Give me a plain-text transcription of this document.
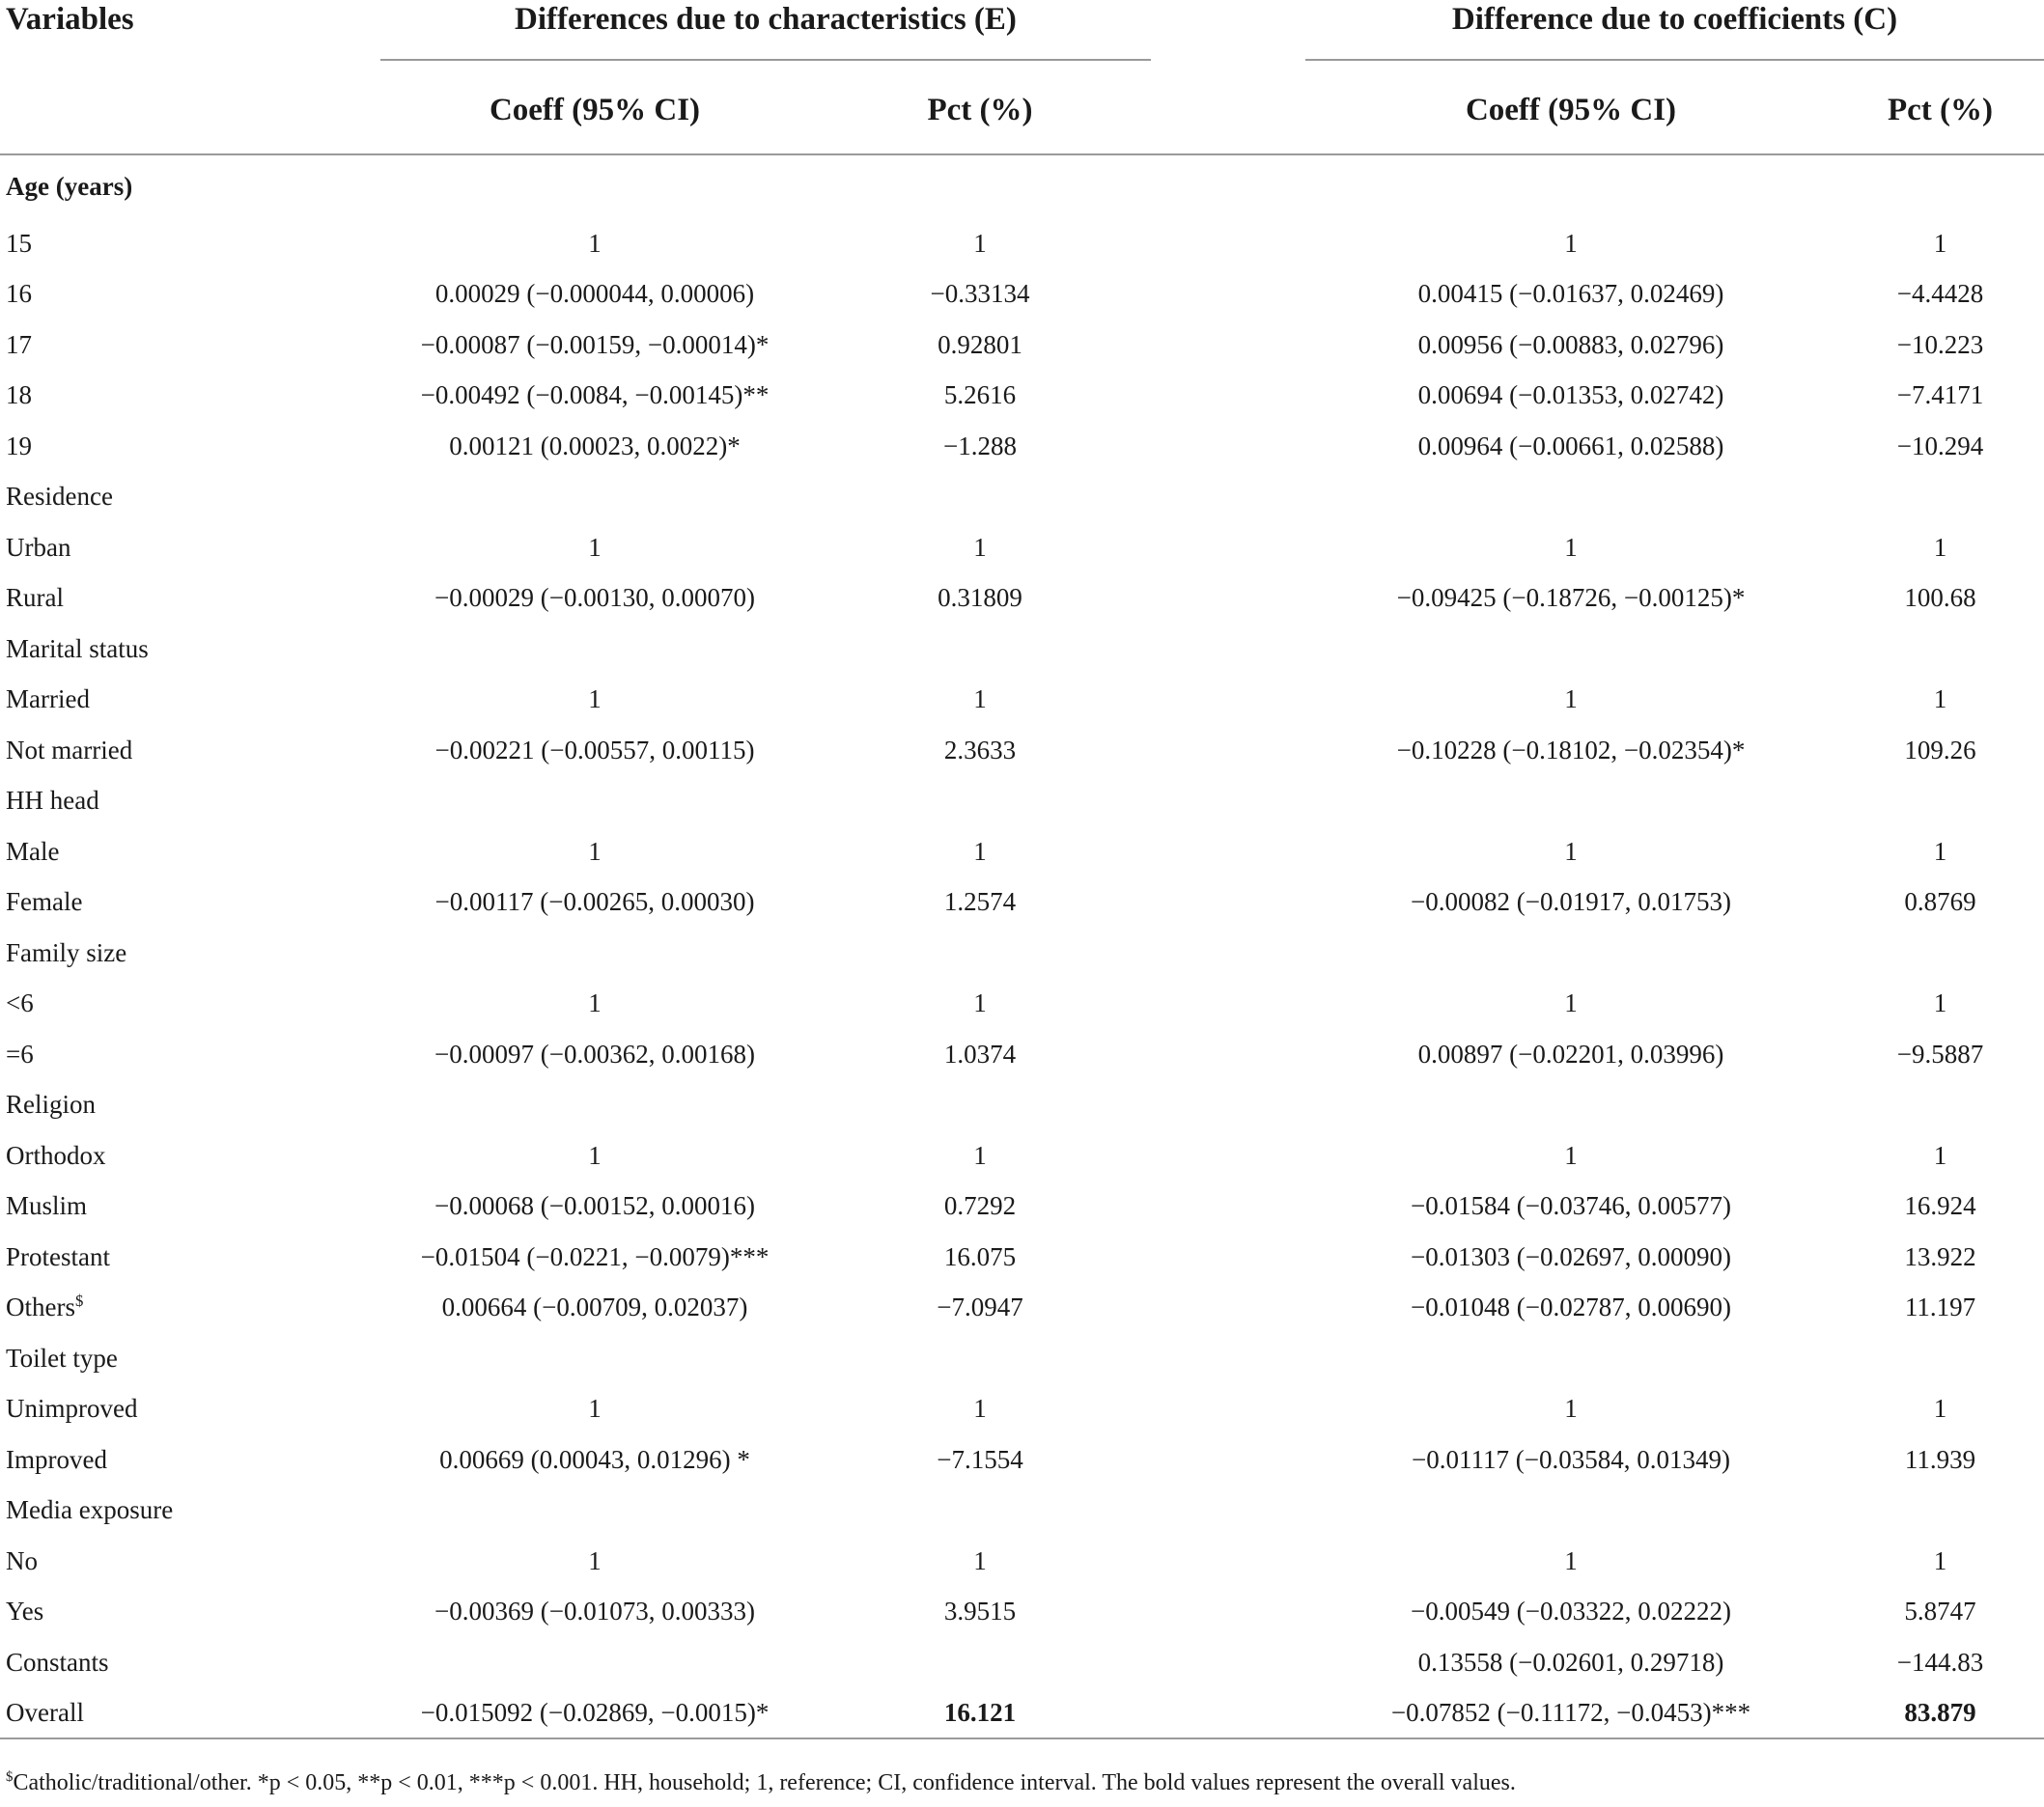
Variables	Differences due to characteristics (E)			Difference due to coefficients (C)	

	Coeff (95% CI)	Pct (%)		Coeff (95% CI)	Pct (%)
Age (years)					
15	1	1		1	1
16	0.00029 (−0.000044, 0.00006)	−0.33134		0.00415 (−0.01637, 0.02469)	−4.4428
17	−0.00087 (−0.00159, −0.00014)*	0.92801		0.00956 (−0.00883, 0.02796)	−10.223
18	−0.00492 (−0.0084, −0.00145)**	5.2616		0.00694 (−0.01353, 0.02742)	−7.4171
19	0.00121 (0.00023, 0.0022)*	−1.288		0.00964 (−0.00661, 0.02588)	−10.294
Residence					
Urban	1	1		1	1
Rural	−0.00029 (−0.00130, 0.00070)	0.31809		−0.09425 (−0.18726, −0.00125)*	100.68
Marital status					
Married	1	1		1	1
Not married	−0.00221 (−0.00557, 0.00115)	2.3633		−0.10228 (−0.18102, −0.02354)*	109.26
HH head					
Male	1	1		1	1
Female	−0.00117 (−0.00265, 0.00030)	1.2574		−0.00082 (−0.01917, 0.01753)	0.8769
Family size					
<6	1	1		1	1
=6	−0.00097 (−0.00362, 0.00168)	1.0374		0.00897 (−0.02201, 0.03996)	−9.5887
Religion					
Orthodox	1	1		1	1
Muslim	−0.00068 (−0.00152, 0.00016)	0.7292		−0.01584 (−0.03746, 0.00577)	16.924
Protestant	−0.01504 (−0.0221, −0.0079)***	16.075		−0.01303 (−0.02697, 0.00090)	13.922
Others$	0.00664 (−0.00709, 0.02037)	−7.0947		−0.01048 (−0.02787, 0.00690)	11.197
Toilet type					
Unimproved	1	1		1	1
Improved	0.00669 (0.00043, 0.01296) *	−7.1554		−0.01117 (−0.03584, 0.01349)	11.939
Media exposure					
No	1	1		1	1
Yes	−0.00369 (−0.01073, 0.00333)	3.9515		−0.00549 (−0.03322, 0.02222)	5.8747
Constants				0.13558 (−0.02601, 0.29718)	−144.83
Overall	−0.015092 (−0.02869, −0.0015)*	16.121		−0.07852 (−0.11172, −0.0453)***	83.879
$Catholic/traditional/other. *p < 0.05, **p < 0.01, ***p < 0.001. HH, household; 1, reference; CI, confidence interval. The bold values represent the overall values.
